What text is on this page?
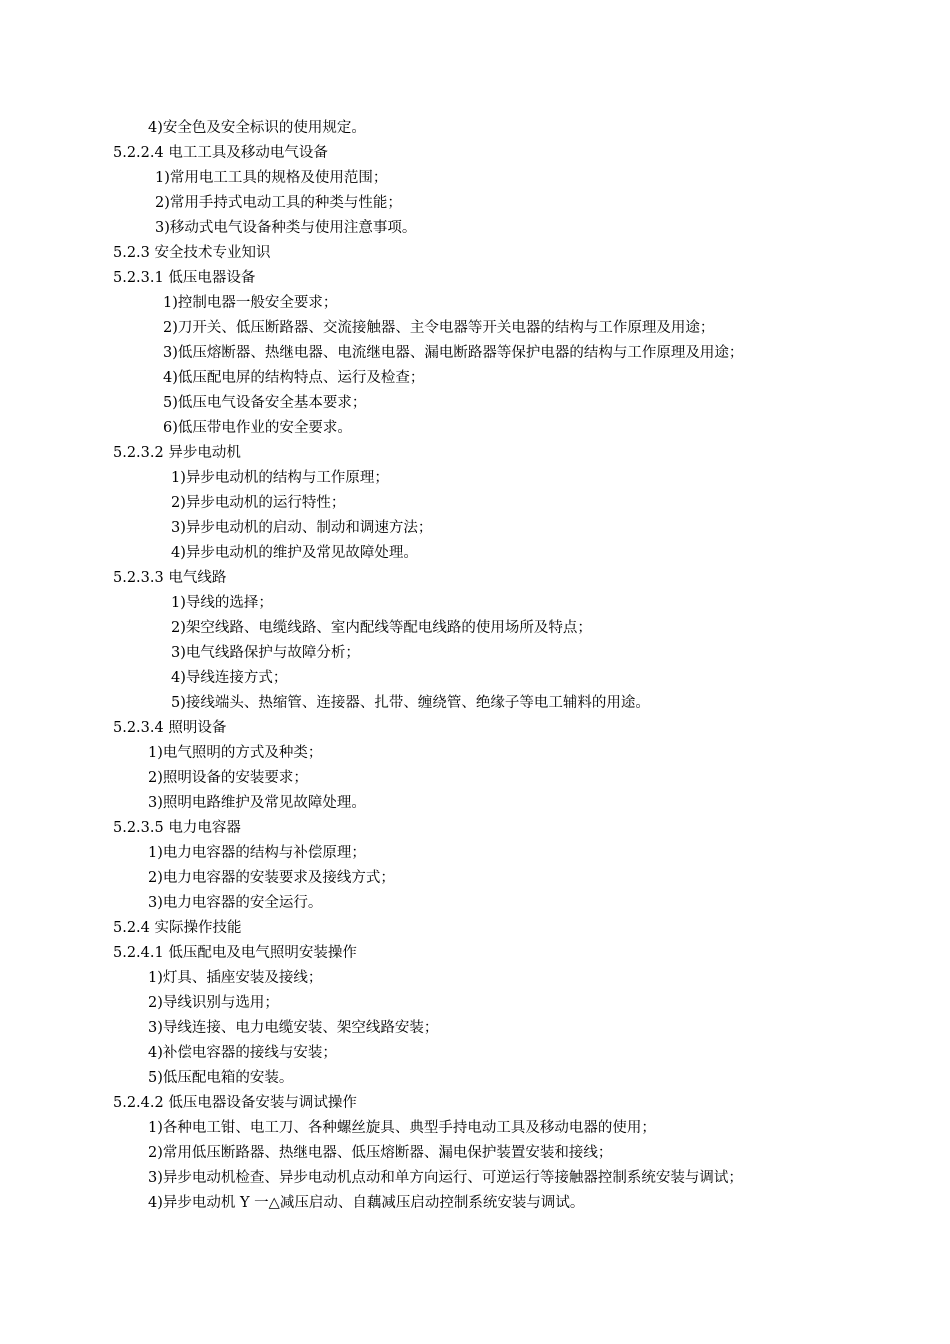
4)安全色及安全标识的使用规定。
5.2.2.4 电工工具及移动电气设备
1)常用电工工具的规格及使用范围；
2)常用手持式电动工具的种类与性能；
3)移动式电气设备种类与使用注意事项。
5.2.3 安全技术专业知识
5.2.3.1 低压电器设备
1)控制电器一般安全要求；
2)刀开关、低压断路器、交流接触器、主令电器等开关电器的结构与工作原理及用途；
3)低压熔断器、热继电器、电流继电器、漏电断路器等保护电器的结构与工作原理及用途；
4)低压配电屏的结构特点、运行及检查；
5)低压电气设备安全基本要求；
6)低压带电作业的安全要求。
5.2.3.2 异步电动机
1)异步电动机的结构与工作原理；
2)异步电动机的运行特性；
3)异步电动机的启动、制动和调速方法；
4)异步电动机的维护及常见故障处理。
5.2.3.3 电气线路
1)导线的选择；
2)架空线路、电缆线路、室内配线等配电线路的使用场所及特点；
3)电气线路保护与故障分析；
4)导线连接方式；
5)接线端头、热缩管、连接器、扎带、缠绕管、绝缘子等电工辅料的用途。
5.2.3.4 照明设备
1)电气照明的方式及种类；
2)照明设备的安装要求；
3)照明电路维护及常见故障处理。
5.2.3.5 电力电容器
1)电力电容器的结构与补偿原理；
2)电力电容器的安装要求及接线方式；
3)电力电容器的安全运行。
5.2.4 实际操作技能
5.2.4.1 低压配电及电气照明安装操作
1)灯具、插座安装及接线；
2)导线识别与选用；
3)导线连接、电力电缆安装、架空线路安装；
4)补偿电容器的接线与安装；
5)低压配电箱的安装。
5.2.4.2 低压电器设备安装与调试操作
1)各种电工钳、电工刀、各种螺丝旋具、典型手持电动工具及移动电器的使用；
2)常用低压断路器、热继电器、低压熔断器、漏电保护装置安装和接线；
3)异步电动机检查、异步电动机点动和单方向运行、可逆运行等接触器控制系统安装与调试；
4)异步电动机 Y 一△减压启动、自藕减压启动控制系统安装与调试。
